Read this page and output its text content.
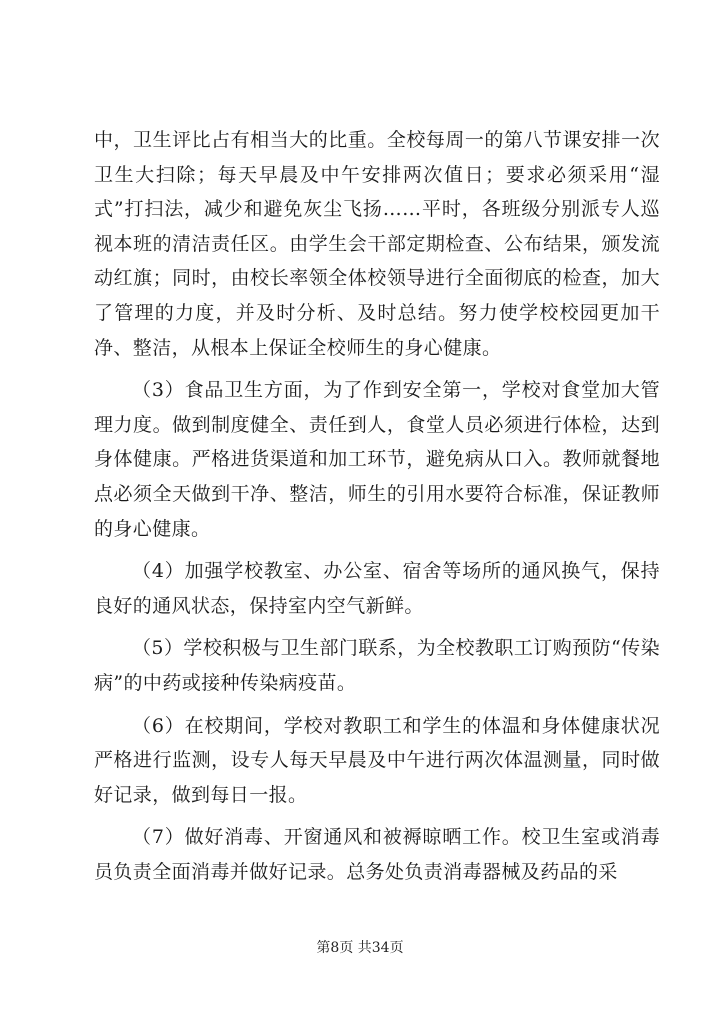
中，卫生评比占有相当大的比重。全校每周一的第八节课安排一次卫生大扫除；每天早晨及中午安排两次值日；要求必须采用“湿式”打扫法，减少和避免灰尘飞扬……平时，各班级分别派专人巡视本班的清洁责任区。由学生会干部定期检查、公布结果，颁发流动红旗；同时，由校长率领全体校领导进行全面彻底的检查，加大了管理的力度，并及时分析、及时总结。努力使学校校园更加干净、整洁，从根本上保证全校师生的身心健康。

（3）食品卫生方面，为了作到安全第一，学校对食堂加大管理力度。做到制度健全、责任到人，食堂人员必须进行体检，达到身体健康。严格进货渠道和加工环节，避免病从口入。教师就餐地点必须全天做到干净、整洁，师生的引用水要符合标准，保证教师的身心健康。

（4）加强学校教室、办公室、宿舍等场所的通风换气，保持良好的通风状态，保持室内空气新鲜。

（5）学校积极与卫生部门联系，为全校教职工订购预防“传染病”的中药或接种传染病疫苗。

（6）在校期间，学校对教职工和学生的体温和身体健康状况严格进行监测，设专人每天早晨及中午进行两次体温测量，同时做好记录，做到每日一报。

（7）做好消毒、开窗通风和被褥晾晒工作。校卫生室或消毒员负责全面消毒并做好记录。总务处负责消毒器械及药品的采

第8页 共34页
